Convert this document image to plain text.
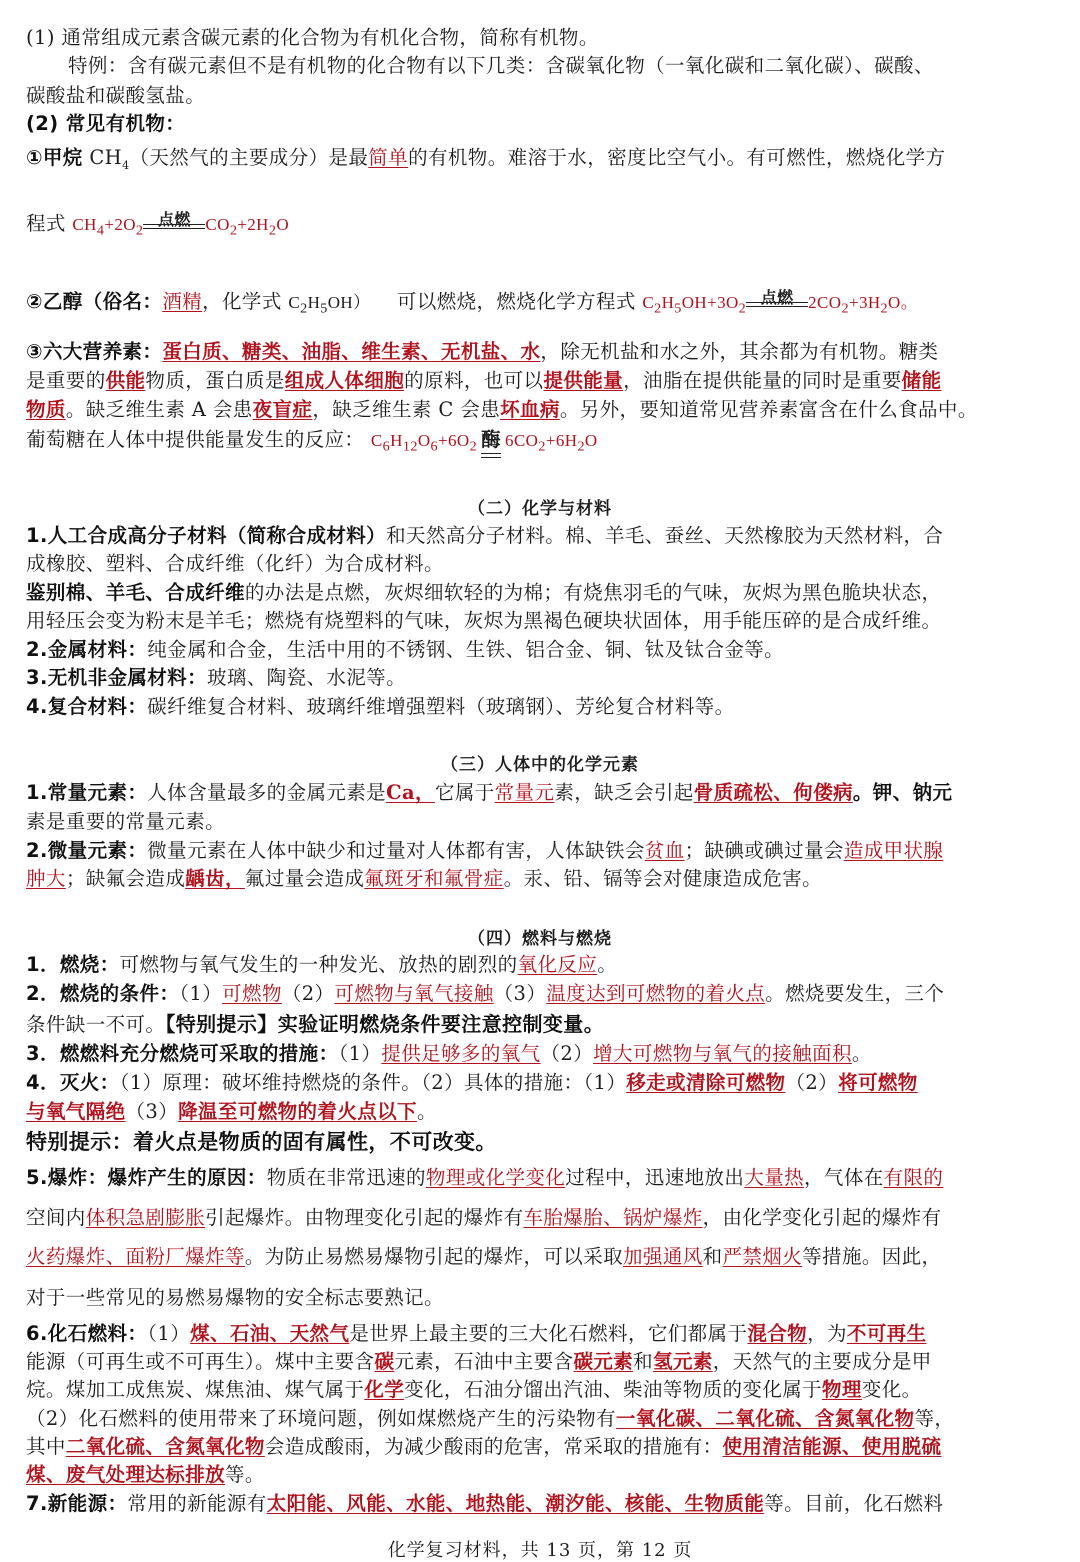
(1) 通常组成元素含碳元素的化合物为有机化合物，简称有机物。
特例：含有碳元素但不是有机物的化合物有以下几类：含碳氧化物（一氧化碳和二氧化碳）、碳酸、
碳酸盐和碳酸氢盐。
(2) 常见有机物：
①甲烷 $CH_4$（天然气的主要成分）是最简单的有机物。难溶于水，密度比空气小。有可燃性，燃烧化学方
程式 $CH_4+2O_2$
点燃 $CO_2+2H_2O$
②乙醇（俗名：酒精，化学式 $C_2H_5OH$） 可以燃烧，燃烧化学方程式 $C_2H_5OH+3O_2$
点燃 $2CO_2+3H_2O$。
③六大营养素：蛋白质、糖类、油脂、维生素、无机盐、水，除无机盐和水之外，其余都为有机物。糖类
是重要的供能物质，蛋白质是组成人体细胞的原料，也可以提供能量，油脂在提供能量的同时是重要储能
物质。缺乏维生素 A 会患夜盲症，缺乏维生素 C 会患坏血病。另外，要知道常见营养素富含在什么食品中。
葡萄糖在人体中提供能量发生的反应： $C_6H_{12}O_6+6O_2$ 酶 $6CO_2+6H_2O$
（二）化学与材料
1.人工合成高分子材料（简称合成材料）和天然高分子材料。棉、羊毛、蚕丝、天然橡胶为天然材料，合
成橡胶、塑料、合成纤维（化纤）为合成材料。
鉴别棉、羊毛、合成纤维的办法是点燃，灰烬细软轻的为棉；有烧焦羽毛的气味，灰烬为黑色脆块状态，
用轻压会变为粉末是羊毛；燃烧有烧塑料的气味，灰烬为黑褐色硬块状固体，用手能压碎的是合成纤维。
2.金属材料：纯金属和合金，生活中用的不锈钢、生铁、铝合金、铜、钛及钛合金等。
3.无机非金属材料：玻璃、陶瓷、水泥等。
4.复合材料：碳纤维复合材料、玻璃纤维增强塑料（玻璃钢）、芳纶复合材料等。
（三）人体中的化学元素
1.常量元素：人体含量最多的金属元素是Ca，它属于常量元素，缺乏会引起骨质疏松、佝偻病。钾、钠元
素是重要的常量元素。
2.微量元素：微量元素在人体中缺少和过量对人体都有害，人体缺铁会贫血；缺碘或碘过量会造成甲状腺
肿大；缺氟会造成龋齿，氟过量会造成氟斑牙和氟骨症。汞、铅、镉等会对健康造成危害。
（四）燃料与燃烧
1．燃烧：可燃物与氧气发生的一种发光、放热的剧烈的氧化反应。
2．燃烧的条件：（1）可燃物（2）可燃物与氧气接触（3）温度达到可燃物的着火点。燃烧要发生，三个
条件缺一不可。【特别提示】实验证明燃烧条件要注意控制变量。
3．燃燃料充分燃烧可采取的措施：（1）提供足够多的氧气（2）增大可燃物与氧气的接触面积。
4．灭火：（1）原理：破坏维持燃烧的条件。（2）具体的措施：（1）移走或清除可燃物（2）将可燃物
与氧气隔绝（3）降温至可燃物的着火点以下。
特别提示：着火点是物质的固有属性，不可改变。
5.爆炸：爆炸产生的原因：物质在非常迅速的物理或化学变化过程中，迅速地放出大量热，气体在有限的
空间内体积急剧膨胀引起爆炸。由物理变化引起的爆炸有车胎爆胎、锅炉爆炸，由化学变化引起的爆炸有
火药爆炸、面粉厂爆炸等。为防止易燃易爆物引起的爆炸，可以采取加强通风和严禁烟火等措施。因此，
对于一些常见的易燃易爆物的安全标志要熟记。
6.化石燃料：（1）煤、石油、天然气是世界上最主要的三大化石燃料，它们都属于混合物，为不可再生
能源（可再生或不可再生）。煤中主要含碳元素，石油中主要含碳元素和氢元素，天然气的主要成分是甲
烷。煤加工成焦炭、煤焦油、煤气属于化学变化，石油分馏出汽油、柴油等物质的变化属于物理变化。
（2）化石燃料的使用带来了环境问题，例如煤燃烧产生的污染物有一氧化碳、二氧化硫、含氮氧化物等，
其中二氧化硫、含氮氧化物会造成酸雨，为减少酸雨的危害，常采取的措施有：使用清洁能源、使用脱硫
煤、废气处理达标排放等。
7.新能源：常用的新能源有太阳能、风能、水能、地热能、潮汐能、核能、生物质能等。目前，化石燃料
化学复习材料，共 13 页，第 12 页
